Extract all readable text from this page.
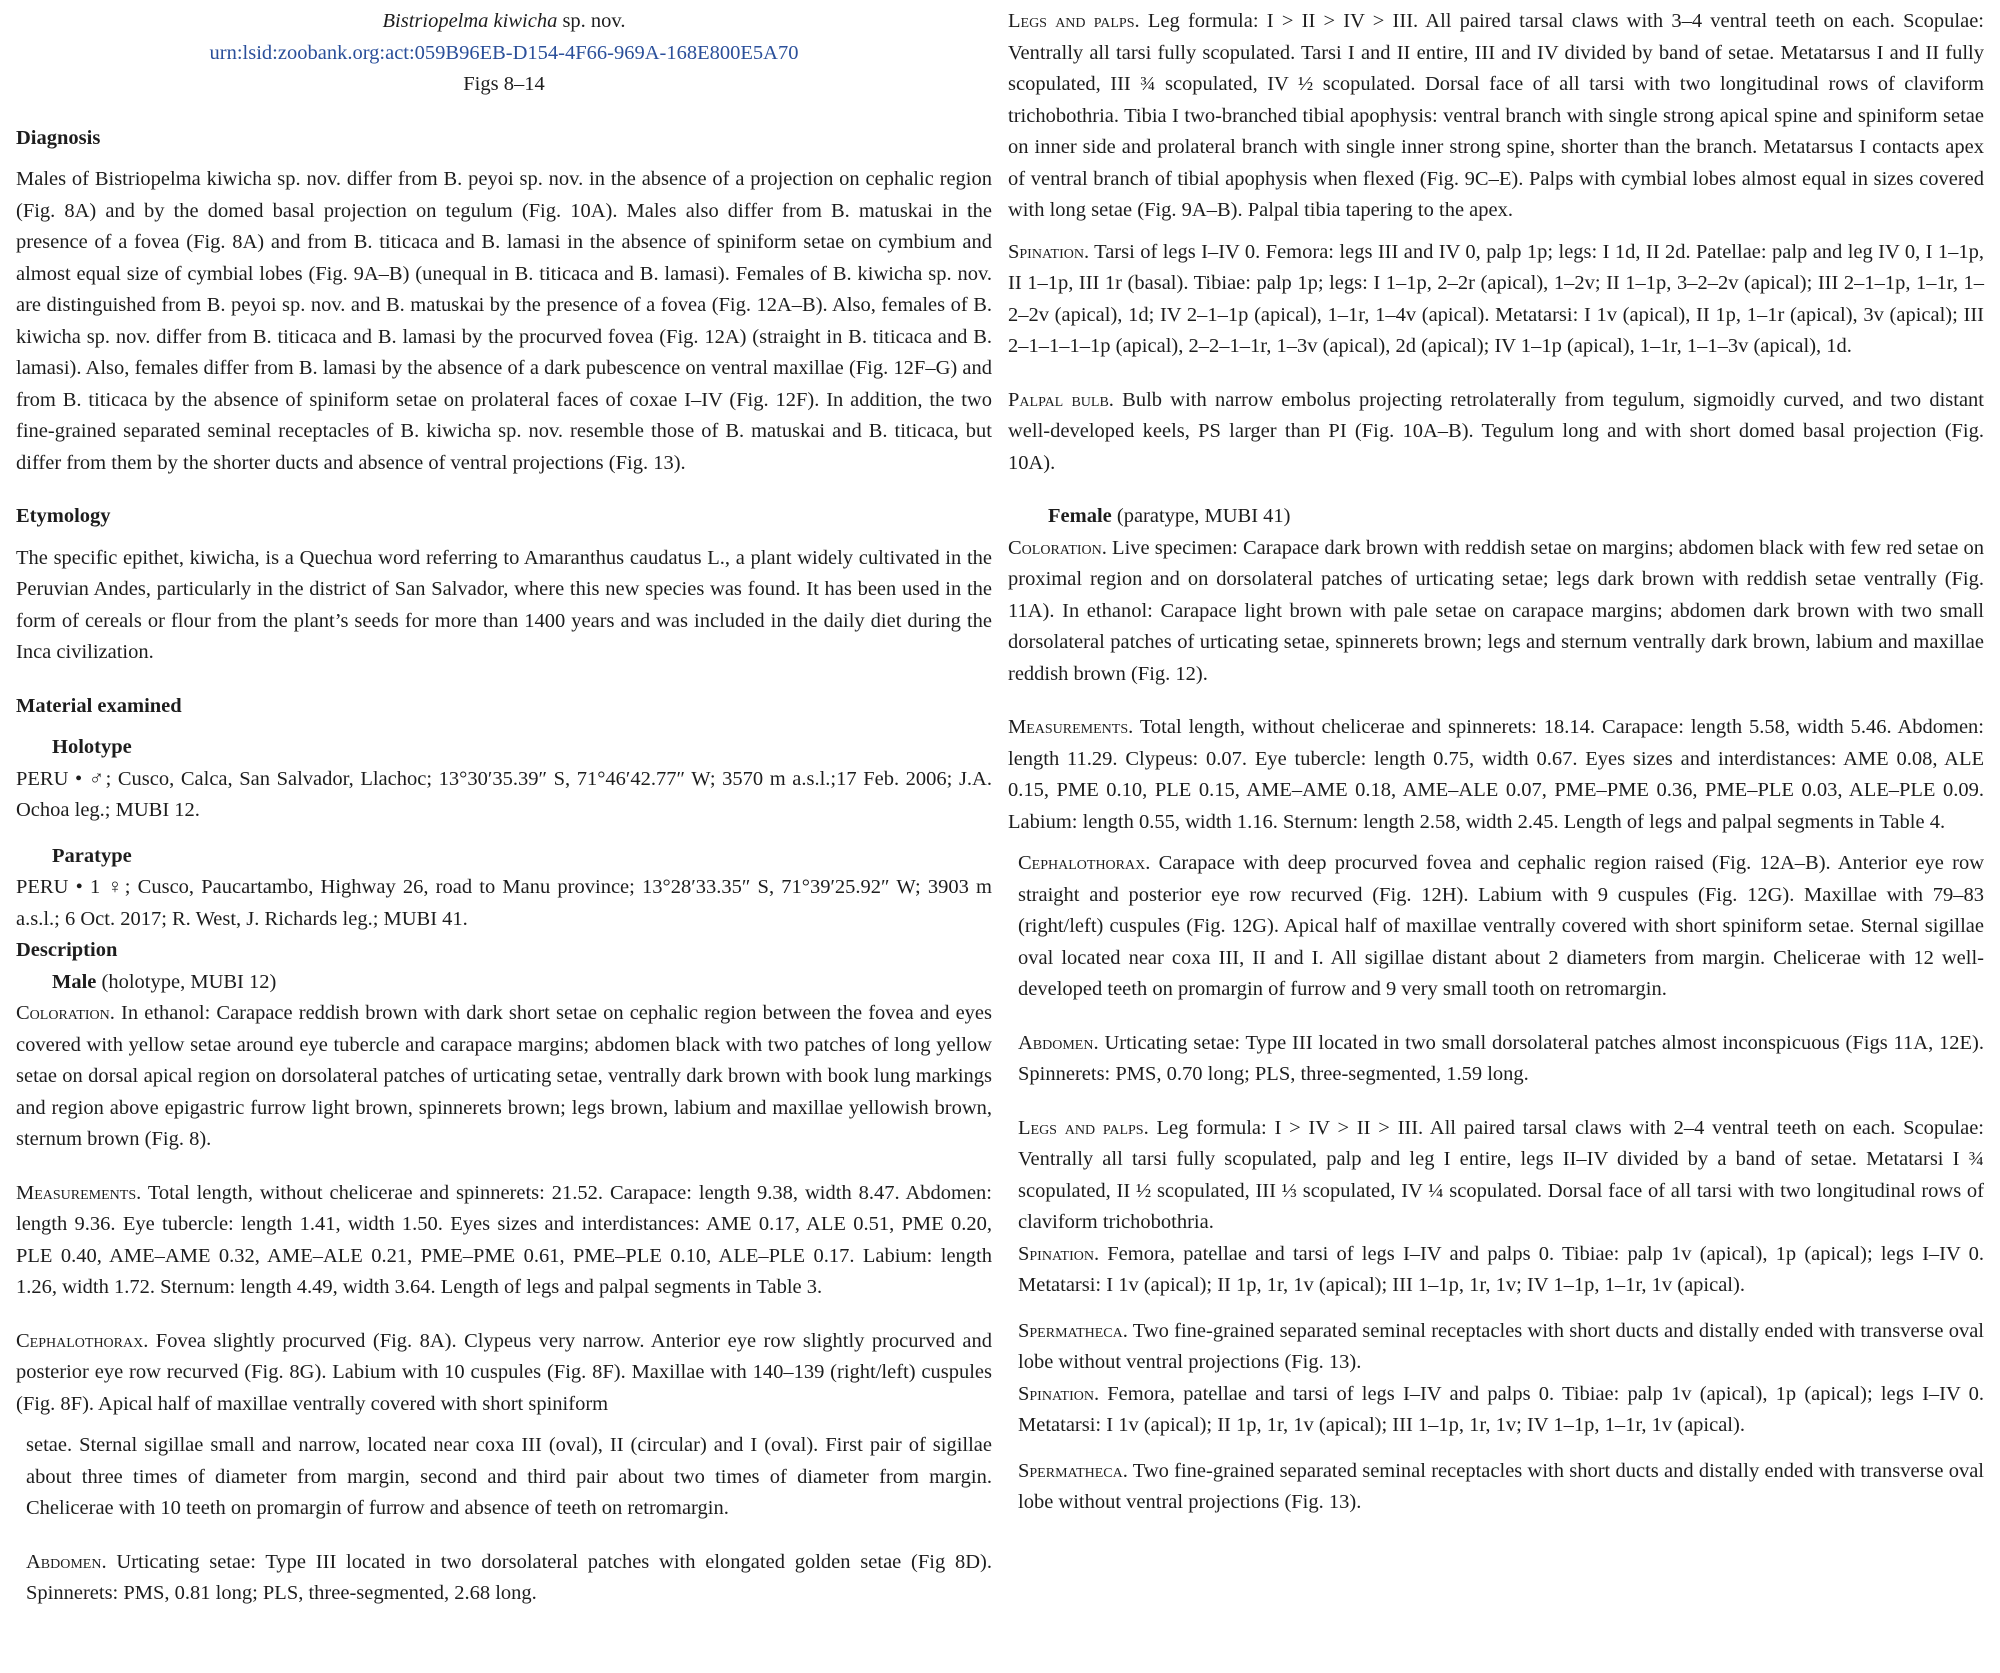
Bistriopelma kiwicha sp. nov.

urn:lsid:zoobank.org:act:059B96EB-D154-4F66-969A-168E800E5A70

Figs 8–14

Diagnosis

Males of Bistriopelma kiwicha sp. nov. differ from B. peyoi sp. nov. in the absence of a projection on cephalic region (Fig. 8A) and by the domed basal projection on tegulum (Fig. 10A). Males also differ from B. matuskai in the presence of a fovea (Fig. 8A) and from B. titicaca and B. lamasi in the absence of spiniform setae on cymbium and almost equal size of cymbial lobes (Fig. 9A–B) (unequal in B. titicaca and B. lamasi). Females of B. kiwicha sp. nov. are distinguished from B. peyoi sp. nov. and B. matuskai by the presence of a fovea (Fig. 12A–B). Also, females of B. kiwicha sp. nov. differ from B. titicaca and B. lamasi by the procurved fovea (Fig. 12A) (straight in B. titicaca and B. lamasi). Also, females differ from B. lamasi by the absence of a dark pubescence on ventral maxillae (Fig. 12F–G) and from B. titicaca by the absence of spiniform setae on prolateral faces of coxae I–IV (Fig. 12F). In addition, the two fine-grained separated seminal receptacles of B. kiwicha sp. nov. resemble those of B. matuskai and B. titicaca, but differ from them by the shorter ducts and absence of ventral projections (Fig. 13).

Etymology

The specific epithet, kiwicha, is a Quechua word referring to Amaranthus caudatus L., a plant widely cultivated in the Peruvian Andes, particularly in the district of San Salvador, where this new species was found. It has been used in the form of cereals or flour from the plant’s seeds for more than 1400 years and was included in the daily diet during the Inca civilization.

Material examined
Holotype

PERU • ♂; Cusco, Calca, San Salvador, Llachoc; 13°30′35.39″ S, 71°46′42.77″ W; 3570 m a.s.l.;17 Feb. 2006; J.A. Ochoa leg.; MUBI 12.

Paratype

PERU • 1 ♀; Cusco, Paucartambo, Highway 26, road to Manu province; 13°28′33.35″ S, 71°39′25.92″ W; 3903 m a.s.l.; 6 Oct. 2017; R. West, J. Richards leg.; MUBI 41.

Description
Male (holotype, MUBI 12)

Coloration. In ethanol: Carapace reddish brown with dark short setae on cephalic region between the fovea and eyes covered with yellow setae around eye tubercle and carapace margins; abdomen black with two patches of long yellow setae on dorsal apical region on dorsolateral patches of urticating setae, ventrally dark brown with book lung markings and region above epigastric furrow light brown, spinnerets brown; legs brown, labium and maxillae yellowish brown, sternum brown (Fig. 8).

Measurements. Total length, without chelicerae and spinnerets: 21.52. Carapace: length 9.38, width 8.47. Abdomen: length 9.36. Eye tubercle: length 1.41, width 1.50. Eyes sizes and interdistances: AME 0.17, ALE 0.51, PME 0.20, PLE 0.40, AME–AME 0.32, AME–ALE 0.21, PME–PME 0.61, PME–PLE 0.10, ALE–PLE 0.17. Labium: length 1.26, width 1.72. Sternum: length 4.49, width 3.64. Length of legs and palpal segments in Table 3.

Cephalothorax. Fovea slightly procurved (Fig. 8A). Clypeus very narrow. Anterior eye row slightly procurved and posterior eye row recurved (Fig. 8G). Labium with 10 cuspules (Fig. 8F). Maxillae with 140–139 (right/left) cuspules (Fig. 8F). Apical half of maxillae ventrally covered with short spiniform

setae. Sternal sigillae small and narrow, located near coxa III (oval), II (circular) and I (oval). First pair of sigillae about three times of diameter from margin, second and third pair about two times of diameter from margin. Chelicerae with 10 teeth on promargin of furrow and absence of teeth on retromargin.

Abdomen. Urticating setae: Type III located in two dorsolateral patches with elongated golden setae (Fig 8D). Spinnerets: PMS, 0.81 long; PLS, three-segmented, 2.68 long.

Legs and palps. Leg formula: I > II > IV > III. All paired tarsal claws with 3–4 ventral teeth on each. Scopulae: Ventrally all tarsi fully scopulated. Tarsi I and II entire, III and IV divided by band of setae. Metatarsus I and II fully scopulated, III ¾ scopulated, IV ½ scopulated. Dorsal face of all tarsi with two longitudinal rows of claviform trichobothria. Tibia I two-branched tibial apophysis: ventral branch with single strong apical spine and spiniform setae on inner side and prolateral branch with single inner strong spine, shorter than the branch. Metatarsus I contacts apex of ventral branch of tibial apophysis when flexed (Fig. 9C–E). Palps with cymbial lobes almost equal in sizes covered with long setae (Fig. 9A–B). Palpal tibia tapering to the apex.

Spination. Tarsi of legs I–IV 0. Femora: legs III and IV 0, palp 1p; legs: I 1d, II 2d. Patellae: palp and leg IV 0, I 1–1p, II 1–1p, III 1r (basal). Tibiae: palp 1p; legs: I 1–1p, 2–2r (apical), 1–2v; II 1–1p, 3–2–2v (apical); III 2–1–1p, 1–1r, 1–2–2v (apical), 1d; IV 2–1–1p (apical), 1–1r, 1–4v (apical). Metatarsi: I 1v (apical), II 1p, 1–1r (apical), 3v (apical); III 2–1–1–1–1p (apical), 2–2–1–1r, 1–3v (apical), 2d (apical); IV 1–1p (apical), 1–1r, 1–1–3v (apical), 1d.

Palpal bulb. Bulb with narrow embolus projecting retrolaterally from tegulum, sigmoidly curved, and two distant well-developed keels, PS larger than PI (Fig. 10A–B). Tegulum long and with short domed basal projection (Fig. 10A).

Female (paratype, MUBI 41)

Coloration. Live specimen: Carapace dark brown with reddish setae on margins; abdomen black with few red setae on proximal region and on dorsolateral patches of urticating setae; legs dark brown with reddish setae ventrally (Fig. 11A). In ethanol: Carapace light brown with pale setae on carapace margins; abdomen dark brown with two small dorsolateral patches of urticating setae, spinnerets brown; legs and sternum ventrally dark brown, labium and maxillae reddish brown (Fig. 12).

Measurements. Total length, without chelicerae and spinnerets: 18.14. Carapace: length 5.58, width 5.46. Abdomen: length 11.29. Clypeus: 0.07. Eye tubercle: length 0.75, width 0.67. Eyes sizes and interdistances: AME 0.08, ALE 0.15, PME 0.10, PLE 0.15, AME–AME 0.18, AME–ALE 0.07, PME–PME 0.36, PME–PLE 0.03, ALE–PLE 0.09. Labium: length 0.55, width 1.16. Sternum: length 2.58, width 2.45. Length of legs and palpal segments in Table 4.

Cephalothorax. Carapace with deep procurved fovea and cephalic region raised (Fig. 12A–B). Anterior eye row straight and posterior eye row recurved (Fig. 12H). Labium with 9 cuspules (Fig. 12G). Maxillae with 79–83 (right/left) cuspules (Fig. 12G). Apical half of maxillae ventrally covered with short spiniform setae. Sternal sigillae oval located near coxa III, II and I. All sigillae distant about 2 diameters from margin. Chelicerae with 12 well-developed teeth on promargin of furrow and 9 very small tooth on retromargin.

Abdomen. Urticating setae: Type III located in two small dorsolateral patches almost inconspicuous (Figs 11A, 12E). Spinnerets: PMS, 0.70 long; PLS, three-segmented, 1.59 long.

Legs and palps. Leg formula: I > IV > II > III. All paired tarsal claws with 2–4 ventral teeth on each. Scopulae: Ventrally all tarsi fully scopulated, palp and leg I entire, legs II–IV divided by a band of setae. Metatarsi I ¾ scopulated, II ½ scopulated, III ⅓ scopulated, IV ¼ scopulated. Dorsal face of all tarsi with two longitudinal rows of claviform trichobothria.

Spination. Femora, patellae and tarsi of legs I–IV and palps 0. Tibiae: palp 1v (apical), 1p (apical); legs I–IV 0. Metatarsi: I 1v (apical); II 1p, 1r, 1v (apical); III 1–1p, 1r, 1v; IV 1–1p, 1–1r, 1v (apical).

Spermatheca. Two fine-grained separated seminal receptacles with short ducts and distally ended with transverse oval lobe without ventral projections (Fig. 13).

Spination. Femora, patellae and tarsi of legs I–IV and palps 0. Tibiae: palp 1v (apical), 1p (apical); legs I–IV 0. Metatarsi: I 1v (apical); II 1p, 1r, 1v (apical); III 1–1p, 1r, 1v; IV 1–1p, 1–1r, 1v (apical).

Spermatheca. Two fine-grained separated seminal receptacles with short ducts and distally ended with transverse oval lobe without ventral projections (Fig. 13).
